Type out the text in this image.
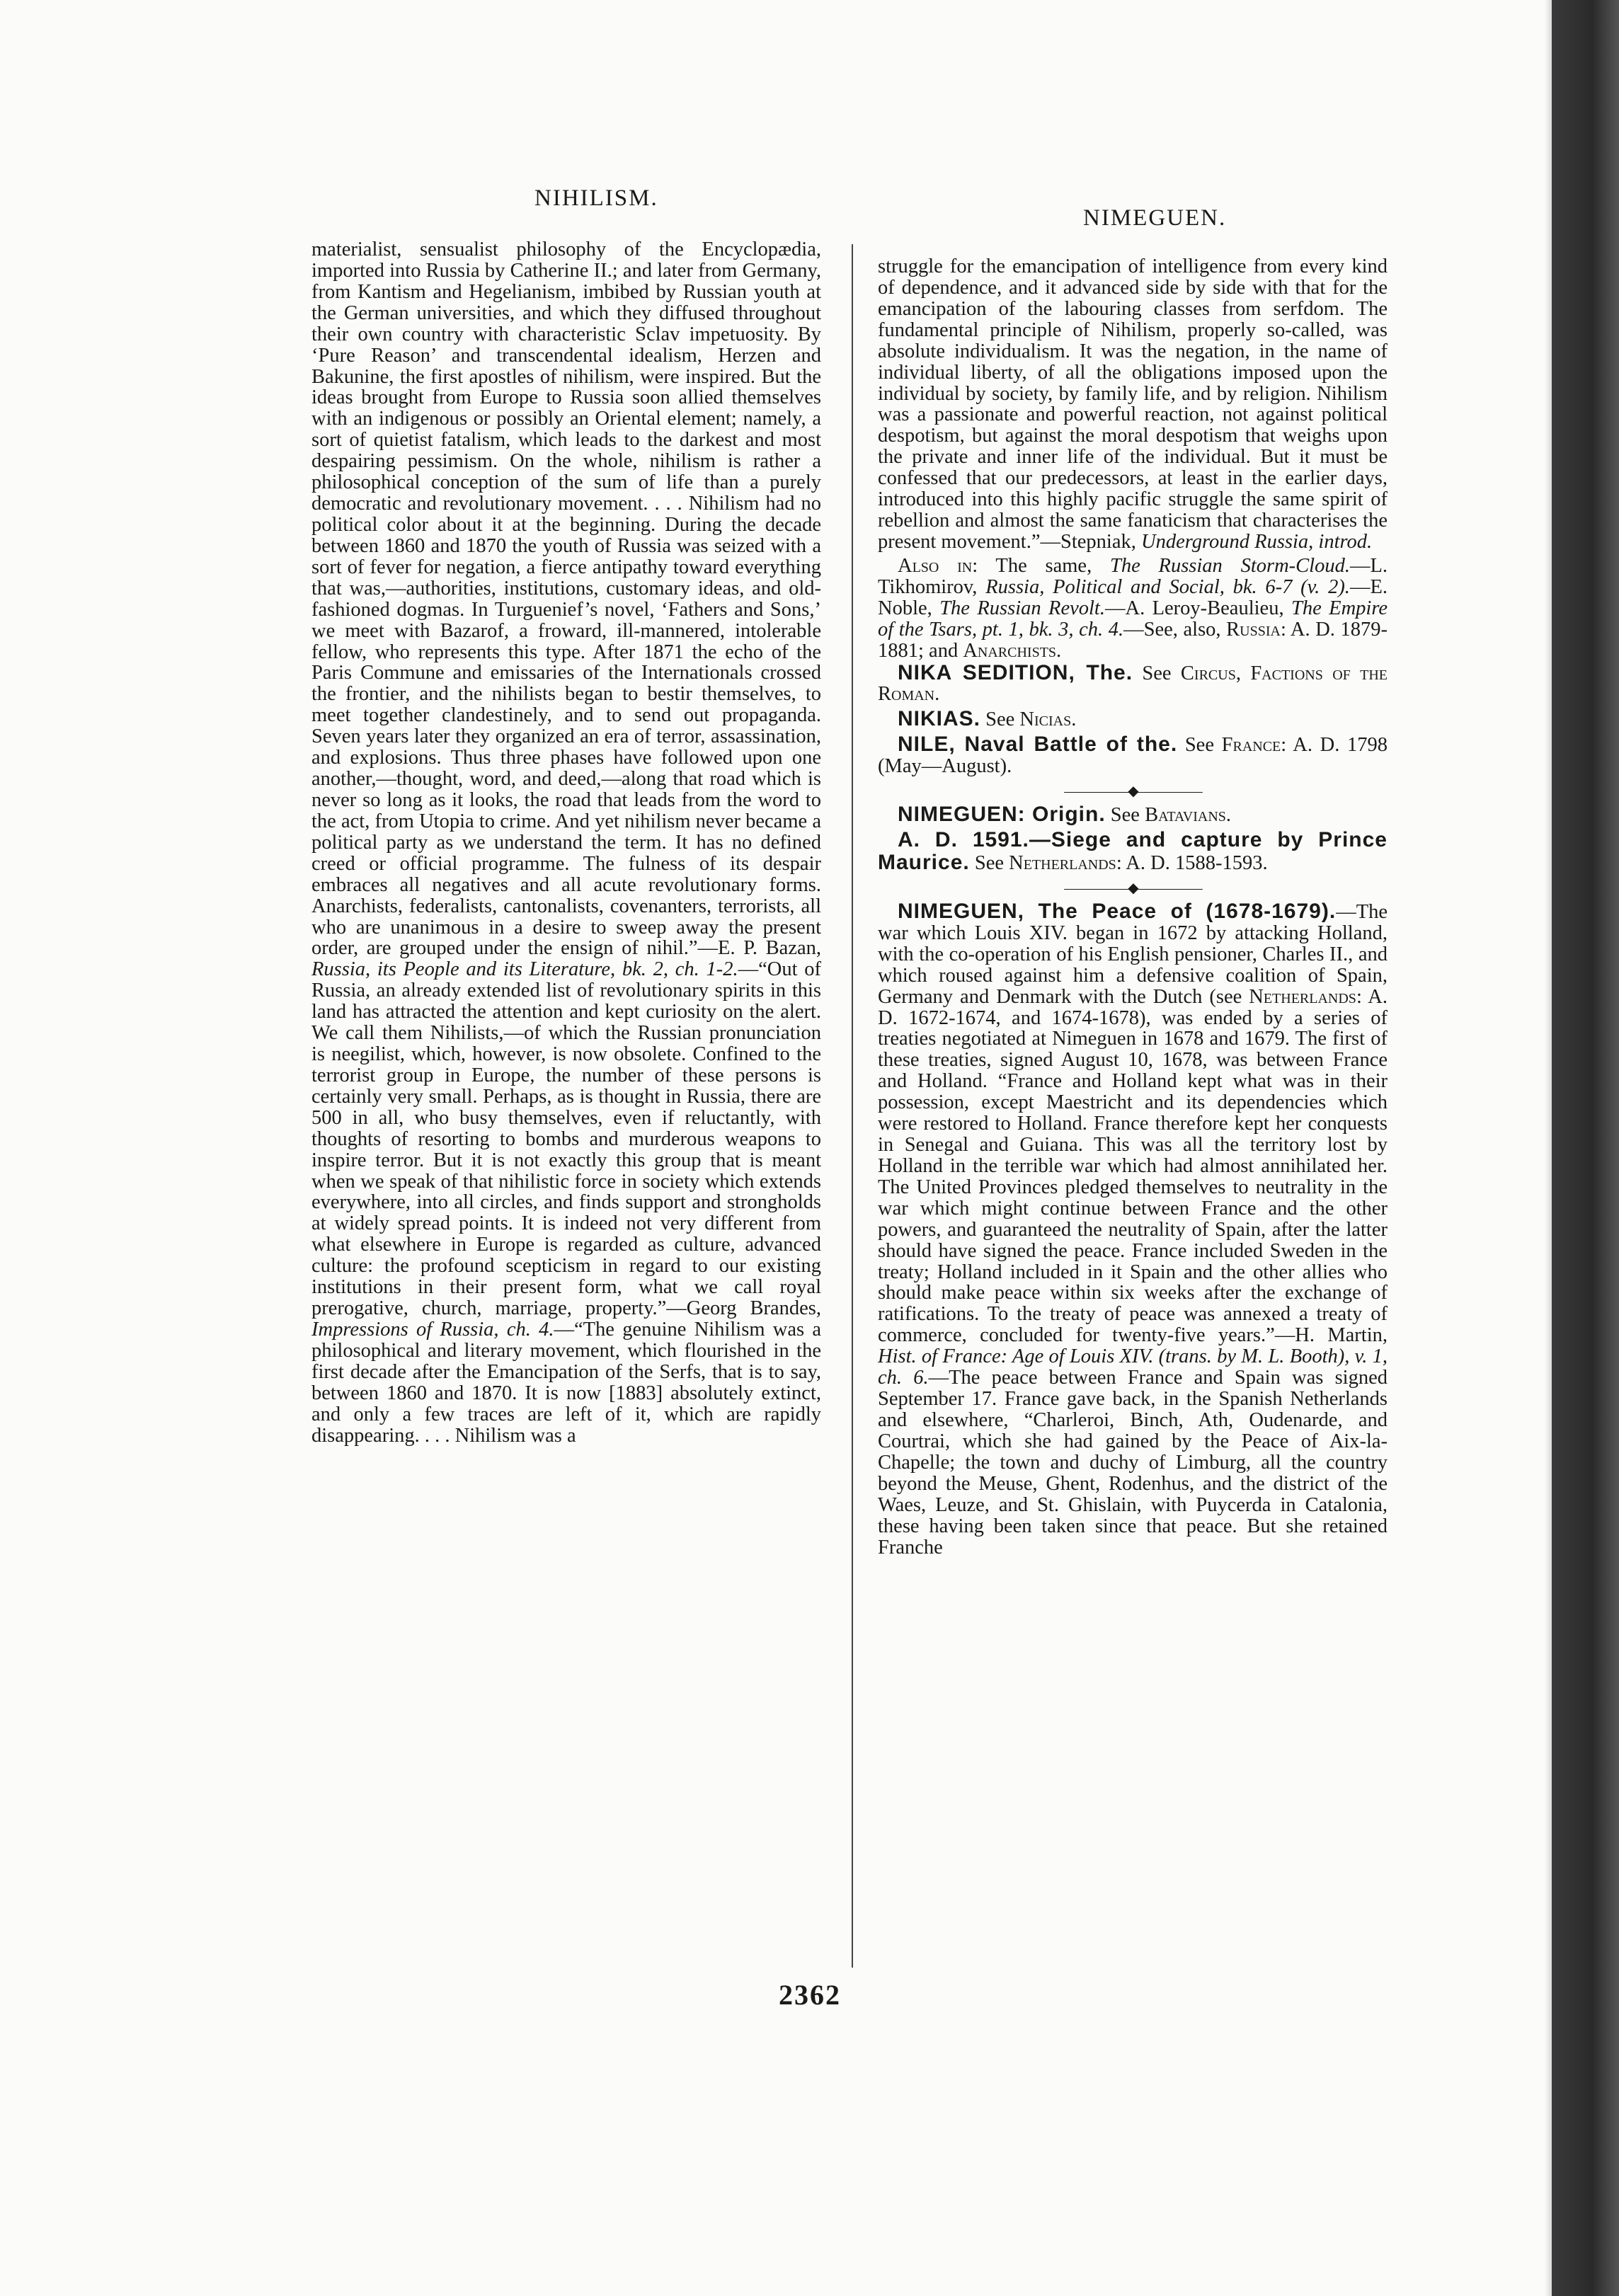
NIHILISM.
NIMEGUEN.

materialist, sensualist philosophy of the Encyclopædia, imported into Russia by Catherine II.; and later from Germany, from Kantism and Hegelianism, imbibed by Russian youth at the German universities, and which they diffused throughout their own country with characteristic Sclav impetuosity. By ‘Pure Reason’ and transcendental idealism, Herzen and Bakunine, the first apostles of nihilism, were inspired. But the ideas brought from Europe to Russia soon allied themselves with an indigenous or possibly an Oriental element; namely, a sort of quietist fatalism, which leads to the darkest and most despairing pessimism. On the whole, nihilism is rather a philosophical conception of the sum of life than a purely democratic and revolutionary movement. . . . Nihilism had no political color about it at the beginning. During the decade between 1860 and 1870 the youth of Russia was seized with a sort of fever for negation, a fierce antipathy toward everything that was,—authorities, institutions, customary ideas, and old-fashioned dogmas. In Turguenief’s novel, ‘Fathers and Sons,’ we meet with Bazarof, a froward, ill-mannered, intolerable fellow, who represents this type. After 1871 the echo of the Paris Commune and emissaries of the Internationals crossed the frontier, and the nihilists began to bestir themselves, to meet together clandestinely, and to send out propaganda. Seven years later they organized an era of terror, assassination, and explosions. Thus three phases have followed upon one another,—thought, word, and deed,—along that road which is never so long as it looks, the road that leads from the word to the act, from Utopia to crime. And yet nihilism never became a political party as we understand the term. It has no defined creed or official programme. The fulness of its despair embraces all negatives and all acute revolutionary forms. Anarchists, federalists, cantonalists, covenanters, terrorists, all who are unanimous in a desire to sweep away the present order, are grouped under the ensign of nihil.”—E. P. Bazan, Russia, its People and its Literature, bk. 2, ch. 1-2.—“Out of Russia, an already extended list of revolutionary spirits in this land has attracted the attention and kept curiosity on the alert. We call them Nihilists,—of which the Russian pronunciation is neegilist, which, however, is now obsolete. Confined to the terrorist group in Europe, the number of these persons is certainly very small. Perhaps, as is thought in Russia, there are 500 in all, who busy themselves, even if reluctantly, with thoughts of resorting to bombs and murderous weapons to inspire terror. But it is not exactly this group that is meant when we speak of that nihilistic force in society which extends everywhere, into all circles, and finds support and strongholds at widely spread points. It is indeed not very different from what elsewhere in Europe is regarded as culture, advanced culture: the profound scepticism in regard to our existing institutions in their present form, what we call royal prerogative, church, marriage, property.”—Georg Brandes, Impressions of Russia, ch. 4.—“The genuine Nihilism was a philosophical and literary movement, which flourished in the first decade after the Emancipation of the Serfs, that is to say, between 1860 and 1870. It is now [1883] absolutely extinct, and only a few traces are left of it, which are rapidly disappearing. . . . Nihilism was a

struggle for the emancipation of intelligence from every kind of dependence, and it advanced side by side with that for the emancipation of the labouring classes from serfdom. The fundamental principle of Nihilism, properly so-called, was absolute individualism. It was the negation, in the name of individual liberty, of all the obligations imposed upon the individual by society, by family life, and by religion. Nihilism was a passionate and powerful reaction, not against political despotism, but against the moral despotism that weighs upon the private and inner life of the individual. But it must be confessed that our predecessors, at least in the earlier days, introduced into this highly pacific struggle the same spirit of rebellion and almost the same fanaticism that characterises the present movement.”—Stepniak, Underground Russia, introd.

Also in: The same, The Russian Storm-Cloud.—L. Tikhomirov, Russia, Political and Social, bk. 6-7 (v. 2).—E. Noble, The Russian Revolt.—A. Leroy-Beaulieu, The Empire of the Tsars, pt. 1, bk. 3, ch. 4.—See, also, Russia: A. D. 1879-1881; and Anarchists.

NIKA SEDITION, The. See Circus, Factions of the Roman.

NIKIAS. See Nicias.

NILE, Naval Battle of the. See France: A. D. 1798 (May—August).

—————◆—————

NIMEGUEN: Origin. See Batavians.

A. D. 1591.—Siege and capture by Prince Maurice. See Netherlands: A. D. 1588-1593.

—————◆—————

NIMEGUEN, The Peace of (1678-1679).—The war which Louis XIV. began in 1672 by attacking Holland, with the co-operation of his English pensioner, Charles II., and which roused against him a defensive coalition of Spain, Germany and Denmark with the Dutch (see Netherlands: A. D. 1672-1674, and 1674-1678), was ended by a series of treaties negotiated at Nimeguen in 1678 and 1679. The first of these treaties, signed August 10, 1678, was between France and Holland. “France and Holland kept what was in their possession, except Maestricht and its dependencies which were restored to Holland. France therefore kept her conquests in Senegal and Guiana. This was all the territory lost by Holland in the terrible war which had almost annihilated her. The United Provinces pledged themselves to neutrality in the war which might continue between France and the other powers, and guaranteed the neutrality of Spain, after the latter should have signed the peace. France included Sweden in the treaty; Holland included in it Spain and the other allies who should make peace within six weeks after the exchange of ratifications. To the treaty of peace was annexed a treaty of commerce, concluded for twenty-five years.”—H. Martin, Hist. of France: Age of Louis XIV. (trans. by M. L. Booth), v. 1, ch. 6.—The peace between France and Spain was signed September 17. France gave back, in the Spanish Netherlands and elsewhere, “Charleroi, Binch, Ath, Oudenarde, and Courtrai, which she had gained by the Peace of Aix-la-Chapelle; the town and duchy of Limburg, all the country beyond the Meuse, Ghent, Rodenhus, and the district of the Waes, Leuze, and St. Ghislain, with Puycerda in Catalonia, these having been taken since that peace. But she retained Franche

2362
